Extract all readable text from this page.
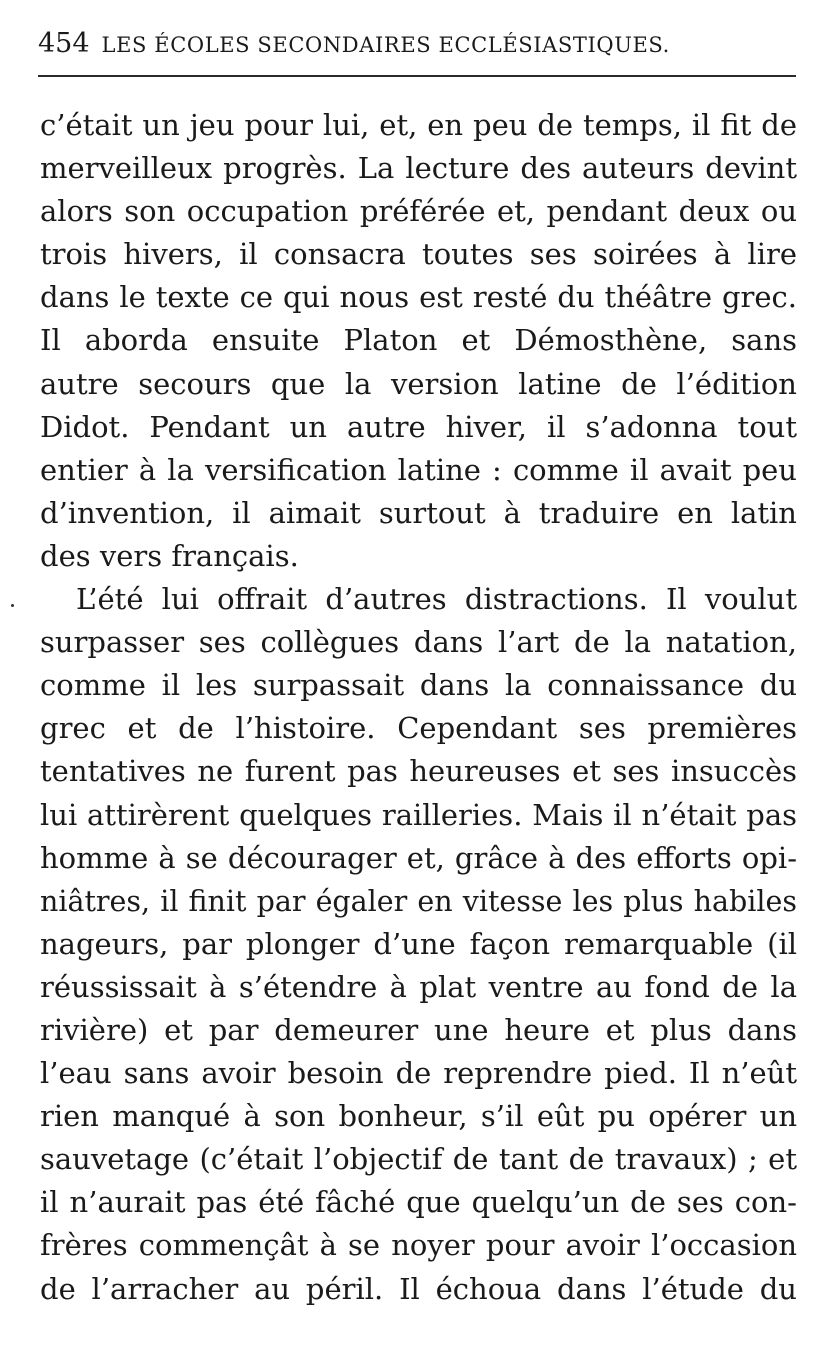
454 LES ÉCOLES SECONDAIRES ECCLÉSIASTIQUES.
c’était un jeu pour lui, et, en peu de temps, il fit de
merveilleux progrès. La lecture des auteurs devint
alors son occupation préférée et, pendant deux ou
trois hivers, il consacra toutes ses soirées à lire
dans le texte ce qui nous est resté du théâtre grec.
Il aborda ensuite Platon et Démosthène, sans
autre secours que la version latine de l’édition
Didot. Pendant un autre hiver, il s’adonna tout
entier à la versification latine : comme il avait peu
d’invention, il aimait surtout à traduire en latin
des vers français.
L’été lui offrait d’autres distractions. Il voulut
surpasser ses collègues dans l’art de la natation,
comme il les surpassait dans la connaissance du
grec et de l’histoire. Cependant ses premières
tentatives ne furent pas heureuses et ses insuccès
lui attirèrent quelques railleries. Mais il n’était pas
homme à se décourager et, grâce à des efforts opi-
niâtres, il finit par égaler en vitesse les plus habiles
nageurs, par plonger d’une façon remarquable (il
réussissait à s’étendre à plat ventre au fond de la
rivière) et par demeurer une heure et plus dans
l’eau sans avoir besoin de reprendre pied. Il n’eût
rien manqué à son bonheur, s’il eût pu opérer un
sauvetage (c’était l’objectif de tant de travaux) ; et
il n’aurait pas été fâché que quelqu’un de ses con-
frères commençât à se noyer pour avoir l’occasion
de l’arracher au péril. Il échoua dans l’étude du
